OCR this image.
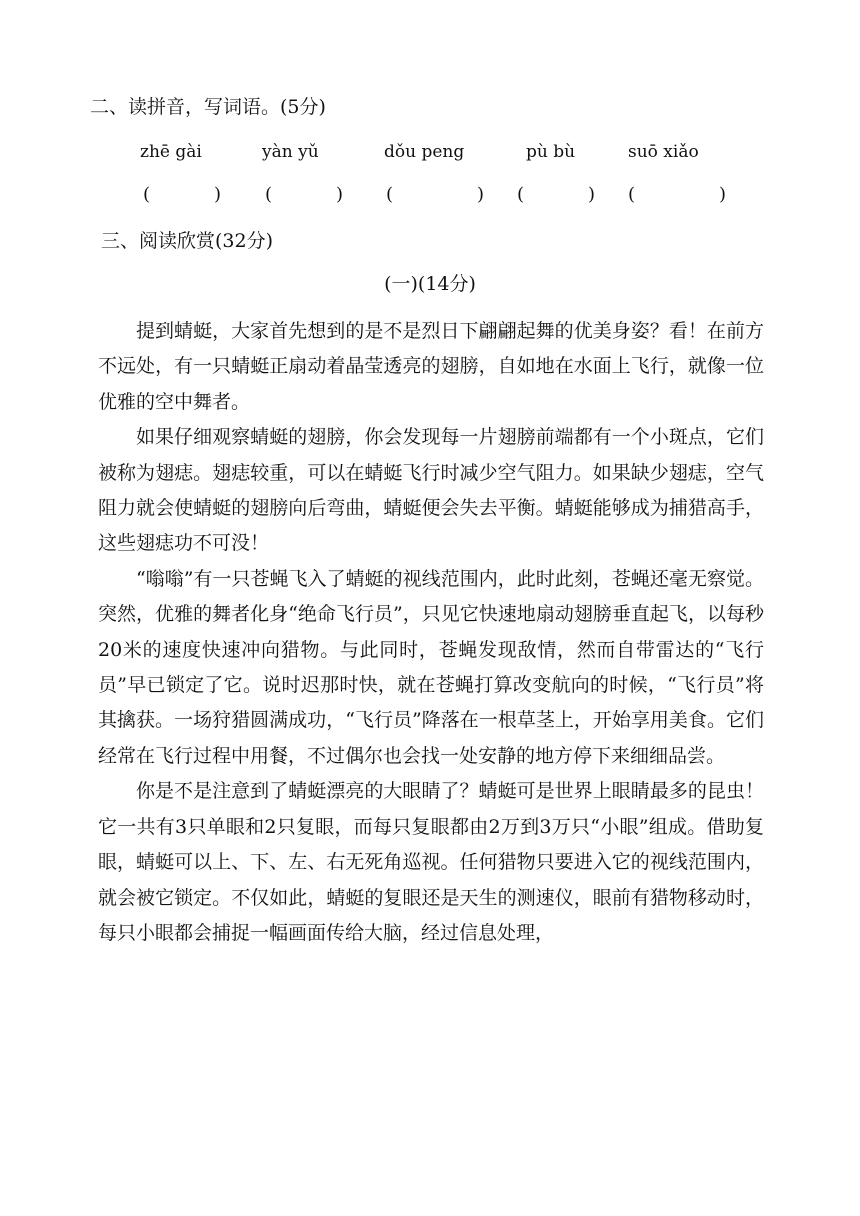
二、读拼音，写词语。(5分)
zhē gài	yàn yǔ	dǒu peng	pù bù	suō xiǎo
(	) (	) (	) (	) (	)
三、阅读欣赏(32分)
(一)(14分)

提到蜻蜓，大家首先想到的是不是烈日下翩翩起舞的优美身姿？看！在前方不远处，有一只蜻蜓正扇动着晶莹透亮的翅膀，自如地在水面上飞行，就像一位优雅的空中舞者。

如果仔细观察蜻蜓的翅膀，你会发现每一片翅膀前端都有一个小斑点，它们被称为翅痣。翅痣较重，可以在蜻蜓飞行时减少空气阻力。如果缺少翅痣，空气阻力就会使蜻蜓的翅膀向后弯曲，蜻蜓便会失去平衡。蜻蜓能够成为捕猎高手，这些翅痣功不可没！

“嗡嗡”有一只苍蝇飞入了蜻蜓的视线范围内，此时此刻，苍蝇还毫无察觉。突然，优雅的舞者化身“绝命飞行员”，只见它快速地扇动翅膀垂直起飞，以每秒20米的速度快速冲向猎物。与此同时，苍蝇发现敌情，然而自带雷达的“飞行员”早已锁定了它。说时迟那时快，就在苍蝇打算改变航向的时候，“飞行员”将其擒获。一场狩猎圆满成功，“飞行员”降落在一根草茎上，开始享用美食。它们经常在飞行过程中用餐，不过偶尔也会找一处安静的地方停下来细细品尝。

你是不是注意到了蜻蜓漂亮的大眼睛了？蜻蜓可是世界上眼睛最多的昆虫！它一共有3只单眼和2只复眼，而每只复眼都由2万到3万只“小眼”组成。借助复眼，蜻蜓可以上、下、左、右无死角巡视。任何猎物只要进入它的视线范围内，就会被它锁定。不仅如此，蜻蜓的复眼还是天生的测速仪，眼前有猎物移动时，每只小眼都会捕捉一幅画面传给大脑，经过信息处理，
